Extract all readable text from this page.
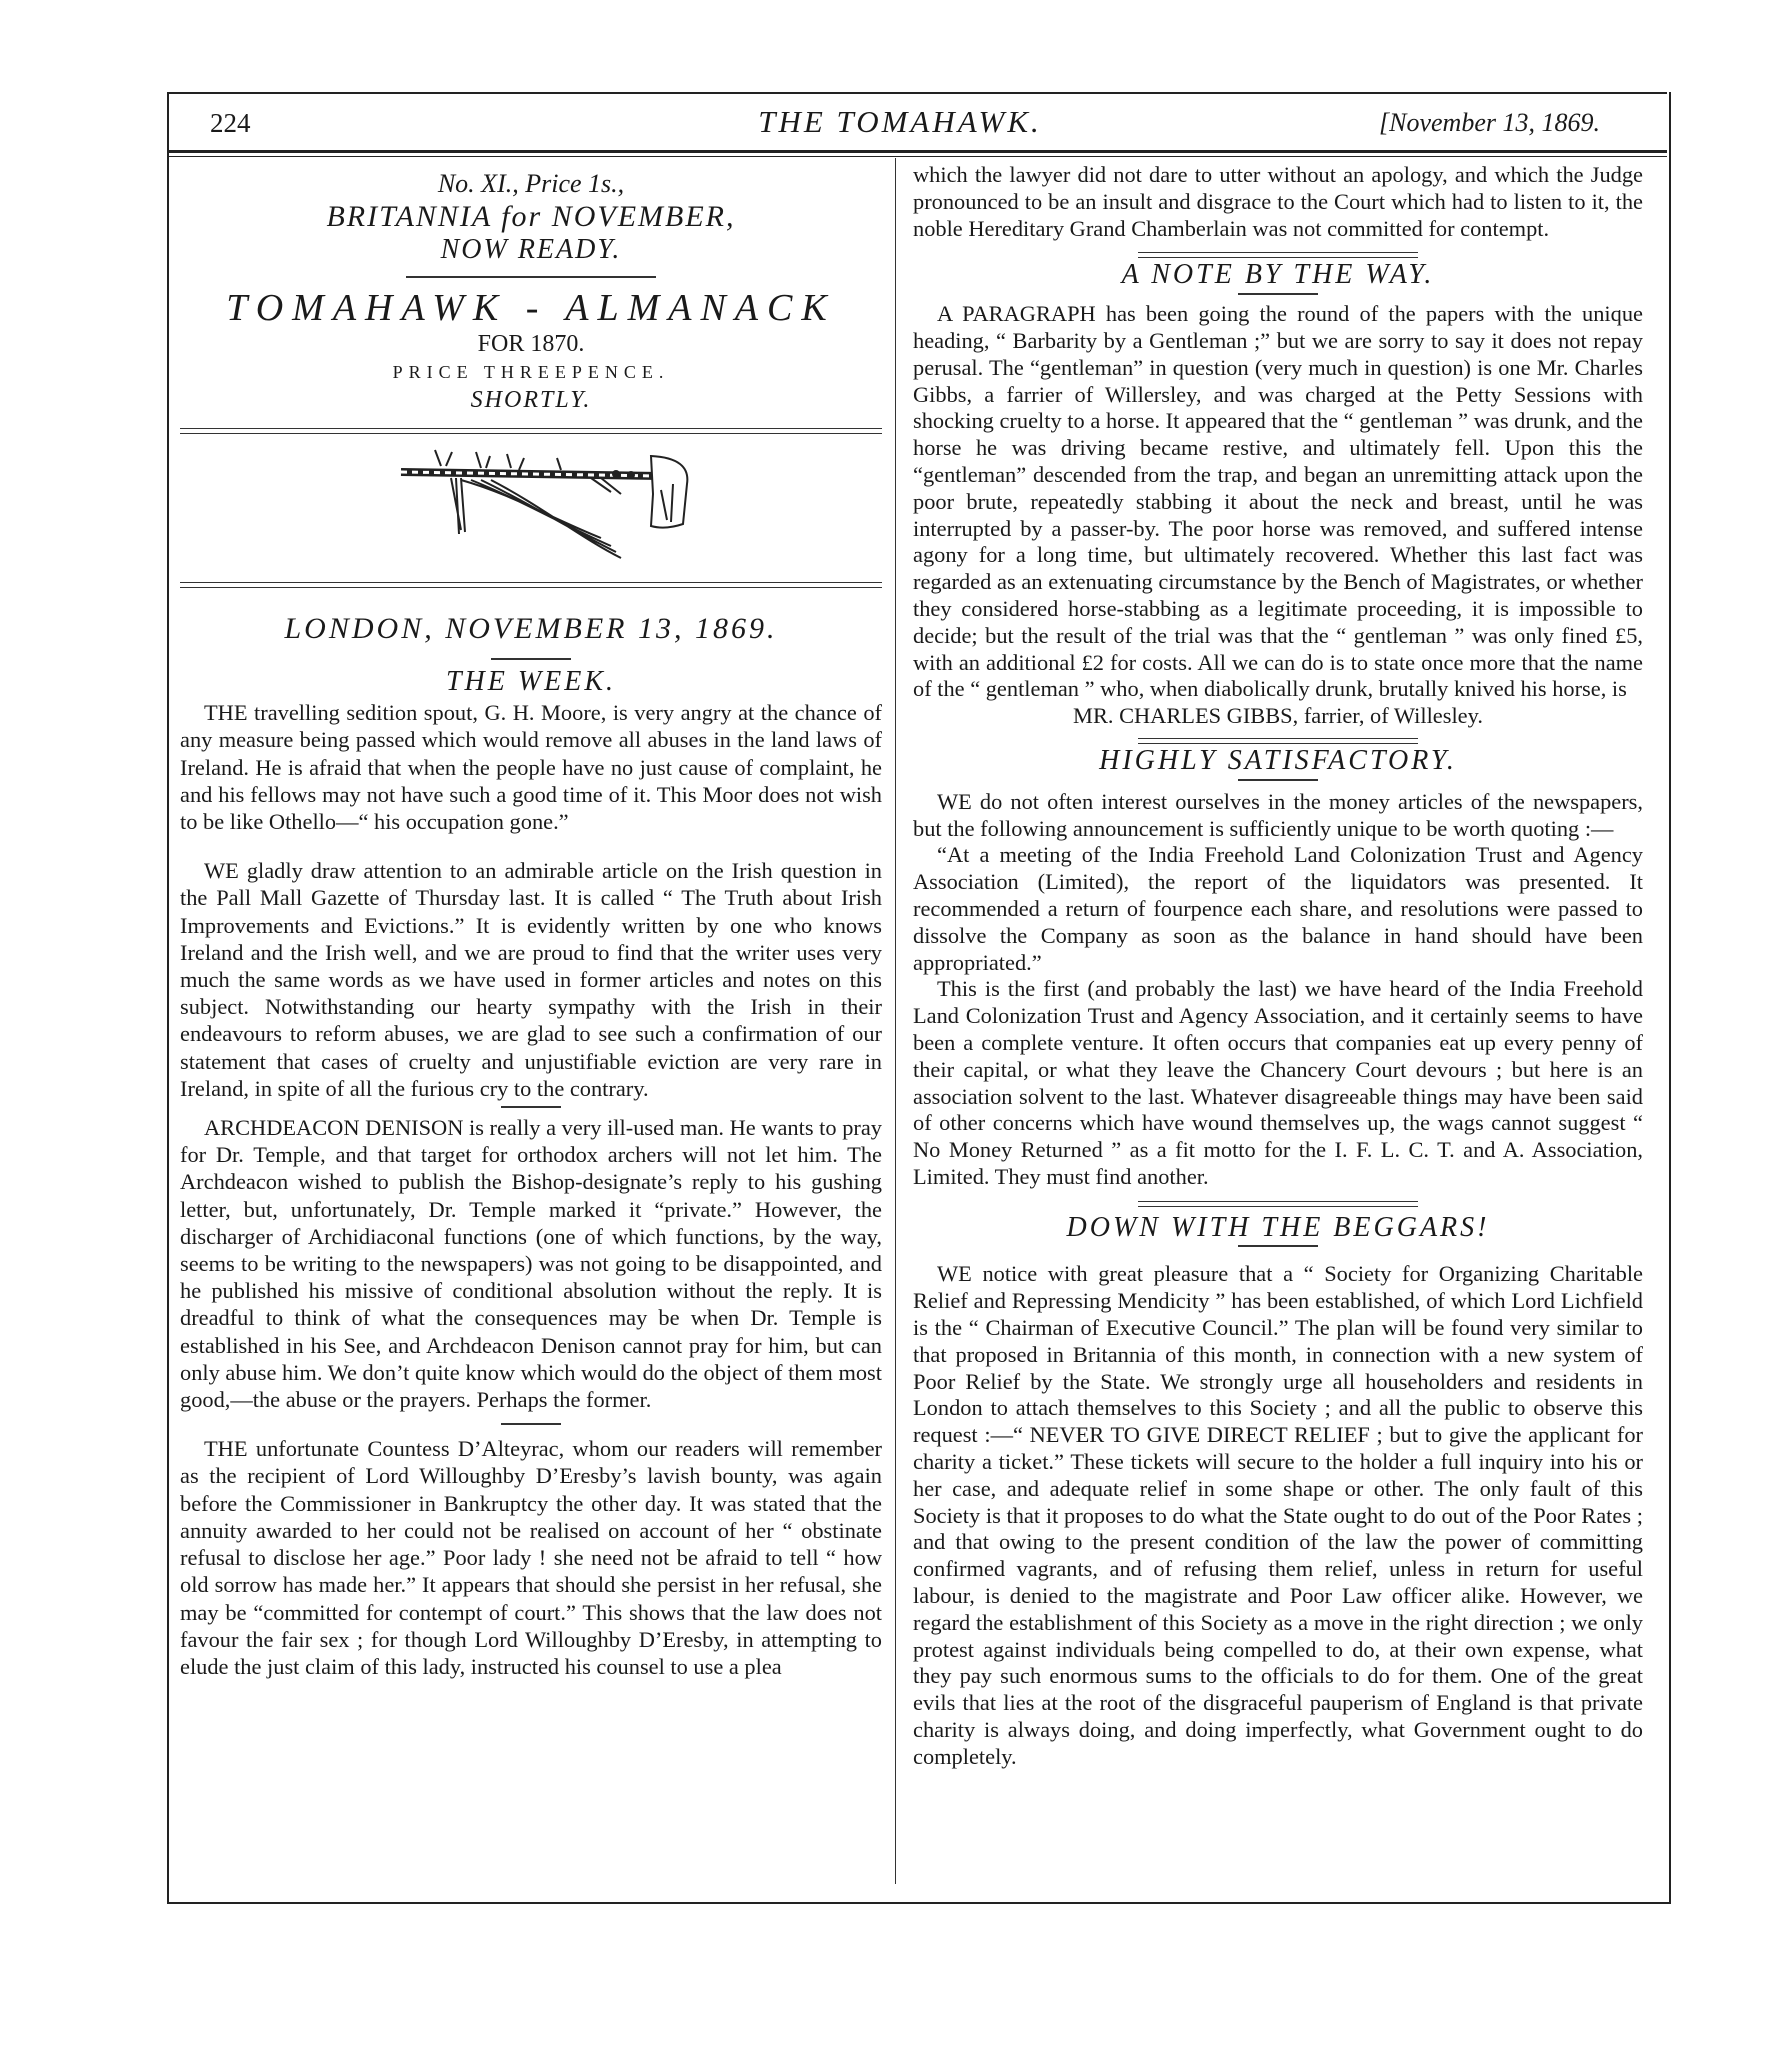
224	THE TOMAHAWK.	[November 13, 1869.
No. XI., Price 1s.,
BRITANNIA for NOVEMBER,
NOW READY.
TOMAHAWK - ALMANACK
FOR 1870.
PRICE THREEPENCE.
SHORTLY.
LONDON, NOVEMBER 13, 1869.
THE WEEK.

THE travelling sedition spout, G. H. Moore, is very angry at the chance of any measure being passed which would remove all abuses in the land laws of Ireland. He is afraid that when the people have no just cause of complaint, he and his fellows may not have such a good time of it. This Moor does not wish to be like Othello—“ his occupation gone.”

WE gladly draw attention to an admirable article on the Irish question in the Pall Mall Gazette of Thursday last. It is called “ The Truth about Irish Improvements and Evictions.” It is evidently written by one who knows Ireland and the Irish well, and we are proud to find that the writer uses very much the same words as we have used in former articles and notes on this subject. Notwithstanding our hearty sympathy with the Irish in their endeavours to reform abuses, we are glad to see such a confirmation of our statement that cases of cruelty and unjustifiable eviction are very rare in Ireland, in spite of all the furious cry to the contrary.

ARCHDEACON DENISON is really a very ill-used man. He wants to pray for Dr. Temple, and that target for orthodox archers will not let him. The Archdeacon wished to publish the Bishop-designate’s reply to his gushing letter, but, unfortunately, Dr. Temple marked it “private.” However, the discharger of Archidiaconal functions (one of which functions, by the way, seems to be writing to the newspapers) was not going to be disappointed, and he published his missive of conditional absolution without the reply. It is dreadful to think of what the consequences may be when Dr. Temple is established in his See, and Archdeacon Denison cannot pray for him, but can only abuse him. We don’t quite know which would do the object of them most good,—the abuse or the prayers. Perhaps the former.

THE unfortunate Countess D’Alteyrac, whom our readers will remember as the recipient of Lord Willoughby D’Eresby’s lavish bounty, was again before the Commissioner in Bankruptcy the other day. It was stated that the annuity awarded to her could not be realised on account of her “ obstinate refusal to disclose her age.” Poor lady ! she need not be afraid to tell “ how old sorrow has made her.” It appears that should she persist in her refusal, she may be “committed for contempt of court.” This shows that the law does not favour the fair sex ; for though Lord Willoughby D’Eresby, in attempting to elude the just claim of this lady, instructed his counsel to use a plea

which the lawyer did not dare to utter without an apology, and which the Judge pronounced to be an insult and disgrace to the Court which had to listen to it, the noble Hereditary Grand Chamberlain was not committed for contempt.

A NOTE BY THE WAY.

A PARAGRAPH has been going the round of the papers with the unique heading, “ Barbarity by a Gentleman ;” but we are sorry to say it does not repay perusal. The “gentleman” in question (very much in question) is one Mr. Charles Gibbs, a farrier of Willersley, and was charged at the Petty Sessions with shocking cruelty to a horse. It appeared that the “ gentleman ” was drunk, and the horse he was driving became restive, and ultimately fell. Upon this the “gentleman” descended from the trap, and began an unremitting attack upon the poor brute, repeatedly stabbing it about the neck and breast, until he was interrupted by a passer-by. The poor horse was removed, and suffered intense agony for a long time, but ultimately recovered. Whether this last fact was regarded as an extenuating circumstance by the Bench of Magistrates, or whether they considered horse-stabbing as a legitimate proceeding, it is impossible to decide; but the result of the trial was that the “ gentleman ” was only fined £5, with an additional £2 for costs. All we can do is to state once more that the name of the “ gentleman ” who, when diabolically drunk, brutally knived his horse, is

MR. CHARLES GIBBS, farrier, of Willesley.

HIGHLY SATISFACTORY.

WE do not often interest ourselves in the money articles of the newspapers, but the following announcement is sufficiently unique to be worth quoting :—

“At a meeting of the India Freehold Land Colonization Trust and Agency Association (Limited), the report of the liquidators was presented. It recommended a return of fourpence each share, and resolutions were passed to dissolve the Company as soon as the balance in hand should have been appropriated.”

This is the first (and probably the last) we have heard of the India Freehold Land Colonization Trust and Agency Association, and it certainly seems to have been a complete venture. It often occurs that companies eat up every penny of their capital, or what they leave the Chancery Court devours ; but here is an association solvent to the last. Whatever disagreeable things may have been said of other concerns which have wound themselves up, the wags cannot suggest “ No Money Returned ” as a fit motto for the I. F. L. C. T. and A. Association, Limited. They must find another.

DOWN WITH THE BEGGARS!

WE notice with great pleasure that a “ Society for Organizing Charitable Relief and Repressing Mendicity ” has been established, of which Lord Lichfield is the “ Chairman of Executive Council.” The plan will be found very similar to that proposed in Britannia of this month, in connection with a new system of Poor Relief by the State. We strongly urge all householders and residents in London to attach themselves to this Society ; and all the public to observe this request :—“ NEVER TO GIVE DIRECT RELIEF ; but to give the applicant for charity a ticket.” These tickets will secure to the holder a full inquiry into his or her case, and adequate relief in some shape or other. The only fault of this Society is that it proposes to do what the State ought to do out of the Poor Rates ; and that owing to the present condition of the law the power of committing confirmed vagrants, and of refusing them relief, unless in return for useful labour, is denied to the magistrate and Poor Law officer alike. However, we regard the establishment of this Society as a move in the right direction ; we only protest against individuals being compelled to do, at their own expense, what they pay such enormous sums to the officials to do for them. One of the great evils that lies at the root of the disgraceful pauperism of England is that private charity is always doing, and doing imperfectly, what Government ought to do completely.
